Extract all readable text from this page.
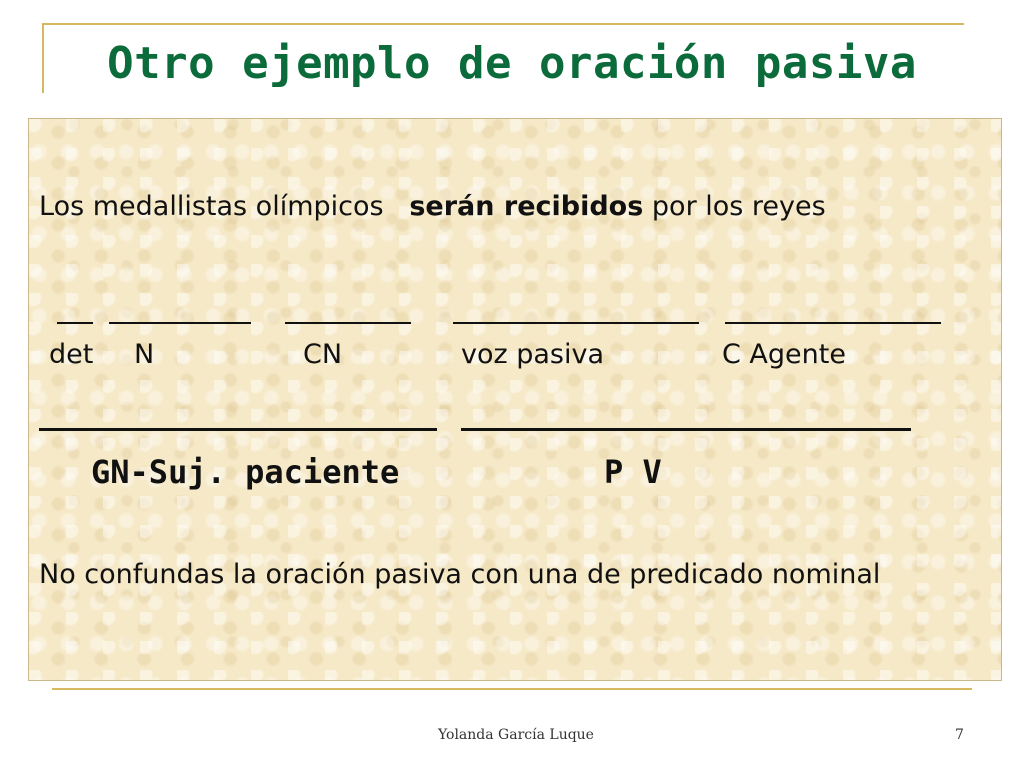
Otro ejemplo de oración pasiva
Los medallistas olímpicos serán recibidos por los reyes
det N	CN	voz pasiva	C Agente
GN-Suj. paciente	P V
No confundas la oración pasiva con una de predicado nominal
Yolanda García Luque	7
